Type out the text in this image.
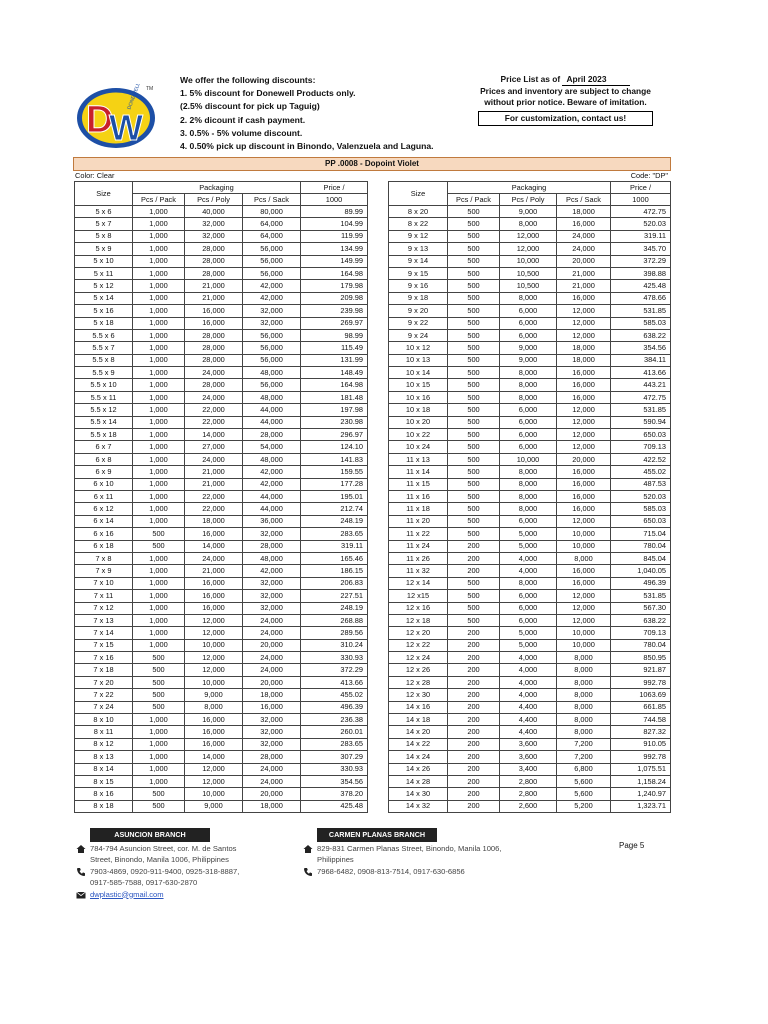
D
W
DONEWELL TM
We offer the following discounts:
1. 5% discount for Donewell Products only.
(2.5% discount for pick up Taguig)
2. 2% dicount if cash payment.
3. 0.5% - 5% volume discount.
4. 0.50% pick up discount in Binondo, Valenzuela and Laguna.
Price List as of April 2023
Prices and inventory are subject to change
without prior notice. Beware of imitation.
For customization, contact us!
PP .0008 - Dopoint Violet
Color: Clear	Code: "DP"
Size	Packaging			Price /
	Pcs / Pack	Pcs / Poly	Pcs / Sack	1000
5 x 6	1,000	40,000	80,000	89.99
5 x 7	1,000	32,000	64,000	104.99
5 x 8	1,000	32,000	64,000	119.99
5 x 9	1,000	28,000	56,000	134.99
5 x 10	1,000	28,000	56,000	149.99
5 x 11	1,000	28,000	56,000	164.98
5 x 12	1,000	21,000	42,000	179.98
5 x 14	1,000	21,000	42,000	209.98
5 x 16	1,000	16,000	32,000	239.98
5 x 18	1,000	16,000	32,000	269.97
5.5 x 6	1,000	28,000	56,000	98.99
5.5 x 7	1,000	28,000	56,000	115.49
5.5 x 8	1,000	28,000	56,000	131.99
5.5 x 9	1,000	24,000	48,000	148.49
5.5 x 10	1,000	28,000	56,000	164.98
5.5 x 11	1,000	24,000	48,000	181.48
5.5 x 12	1,000	22,000	44,000	197.98
5.5 x 14	1,000	22,000	44,000	230.98
5.5 x 18	1,000	14,000	28,000	296.97
6 x 7	1,000	27,000	54,000	124.10
6 x 8	1,000	24,000	48,000	141.83
6 x 9	1,000	21,000	42,000	159.55
6 x 10	1,000	21,000	42,000	177.28
6 x 11	1,000	22,000	44,000	195.01
6 x 12	1,000	22,000	44,000	212.74
6 x 14	1,000	18,000	36,000	248.19
6 x 16	500	16,000	32,000	283.65
6 x 18	500	14,000	28,000	319.11
7 x 8	1,000	24,000	48,000	165.46
7 x 9	1,000	21,000	42,000	186.15
7 x 10	1,000	16,000	32,000	206.83
7 x 11	1,000	16,000	32,000	227.51
7 x 12	1,000	16,000	32,000	248.19
7 x 13	1,000	12,000	24,000	268.88
7 x 14	1,000	12,000	24,000	289.56
7 x 15	1,000	10,000	20,000	310.24
7 x 16	500	12,000	24,000	330.93
7 x 18	500	12,000	24,000	372.29
7 x 20	500	10,000	20,000	413.66
7 x 22	500	9,000	18,000	455.02
7 x 24	500	8,000	16,000	496.39
8 x 10	1,000	16,000	32,000	236.38
8 x 11	1,000	16,000	32,000	260.01
8 x 12	1,000	16,000	32,000	283.65
8 x 13	1,000	14,000	28,000	307.29
8 x 14	1,000	12,000	24,000	330.93
8 x 15	1,000	12,000	24,000	354.56
8 x 16	500	10,000	20,000	378.20
8 x 18	500	9,000	18,000	425.48
Size	Packaging			Price /
	Pcs / Pack	Pcs / Poly	Pcs / Sack	1000
8 x 20	500	9,000	18,000	472.75
8 x 22	500	8,000	16,000	520.03
9 x 12	500	12,000	24,000	319.11
9 x 13	500	12,000	24,000	345.70
9 x 14	500	10,000	20,000	372.29
9 x 15	500	10,500	21,000	398.88
9 x 16	500	10,500	21,000	425.48
9 x 18	500	8,000	16,000	478.66
9 x 20	500	6,000	12,000	531.85
9 x 22	500	6,000	12,000	585.03
9 x 24	500	6,000	12,000	638.22
10 x 12	500	9,000	18,000	354.56
10 x 13	500	9,000	18,000	384.11
10 x 14	500	8,000	16,000	413.66
10 x 15	500	8,000	16,000	443.21
10 x 16	500	8,000	16,000	472.75
10 x 18	500	6,000	12,000	531.85
10 x 20	500	6,000	12,000	590.94
10 x 22	500	6,000	12,000	650.03
10 x 24	500	6,000	12,000	709.13
11 x 13	500	10,000	20,000	422.52
11 x 14	500	8,000	16,000	455.02
11 x 15	500	8,000	16,000	487.53
11 x 16	500	8,000	16,000	520.03
11 x 18	500	8,000	16,000	585.03
11 x 20	500	6,000	12,000	650.03
11 x 22	500	5,000	10,000	715.04
11 x 24	200	5,000	10,000	780.04
11 x 26	200	4,000	8,000	845.04
11 x 32	200	4,000	16,000	1,040.05
12 x 14	500	8,000	16,000	496.39
12 x15	500	6,000	12,000	531.85
12 x 16	500	6,000	12,000	567.30
12 x 18	500	6,000	12,000	638.22
12 x 20	200	5,000	10,000	709.13
12 x 22	200	5,000	10,000	780.04
12 x 24	200	4,000	8,000	850.95
12 x 26	200	4,000	8,000	921.87
12 x 28	200	4,000	8,000	992.78
12 x 30	200	4,000	8,000	1063.69
14 x 16	200	4,400	8,000	661.85
14 x 18	200	4,400	8,000	744.58
14 x 20	200	4,400	8,000	827.32
14 x 22	200	3,600	7,200	910.05
14 x 24	200	3,600	7,200	992.78
14 x 26	200	3,400	6,800	1,075.51
14 x 28	200	2,800	5,600	1,158.24
14 x 30	200	2,800	5,600	1,240.97
14 x 32	200	2,600	5,200	1,323.71
ASUNCION BRANCH
784-794 Asuncion Street, cor. M. de Santos
Street, Binondo, Manila 1006, Philippines
7903-4869, 0920-911-9400, 0925-318-8887,
0917-585-7588, 0917-630-2870
dwplastic@gmail.com
CARMEN PLANAS BRANCH
829-831 Carmen Planas Street, Binondo, Manila 1006,
Philippines
7968-6482, 0908-813-7514, 0917-630-6856
Page 5
